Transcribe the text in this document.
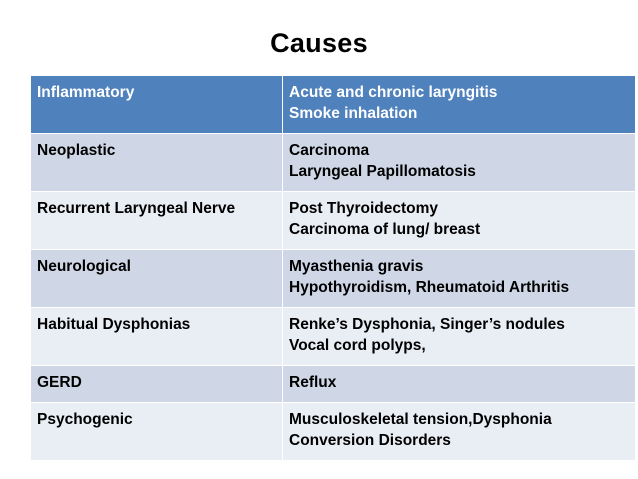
Causes
Inflammatory	Acute and chronic laryngitis
Smoke inhalation
Neoplastic	Carcinoma
Laryngeal Papillomatosis
Recurrent Laryngeal Nerve	Post Thyroidectomy
Carcinoma of lung/ breast
Neurological	Myasthenia gravis
Hypothyroidism, Rheumatoid Arthritis
Habitual Dysphonias	Renke’s Dysphonia, Singer’s nodules
Vocal cord polyps,
GERD	Reflux
Psychogenic	Musculoskeletal tension,Dysphonia
Conversion Disorders
